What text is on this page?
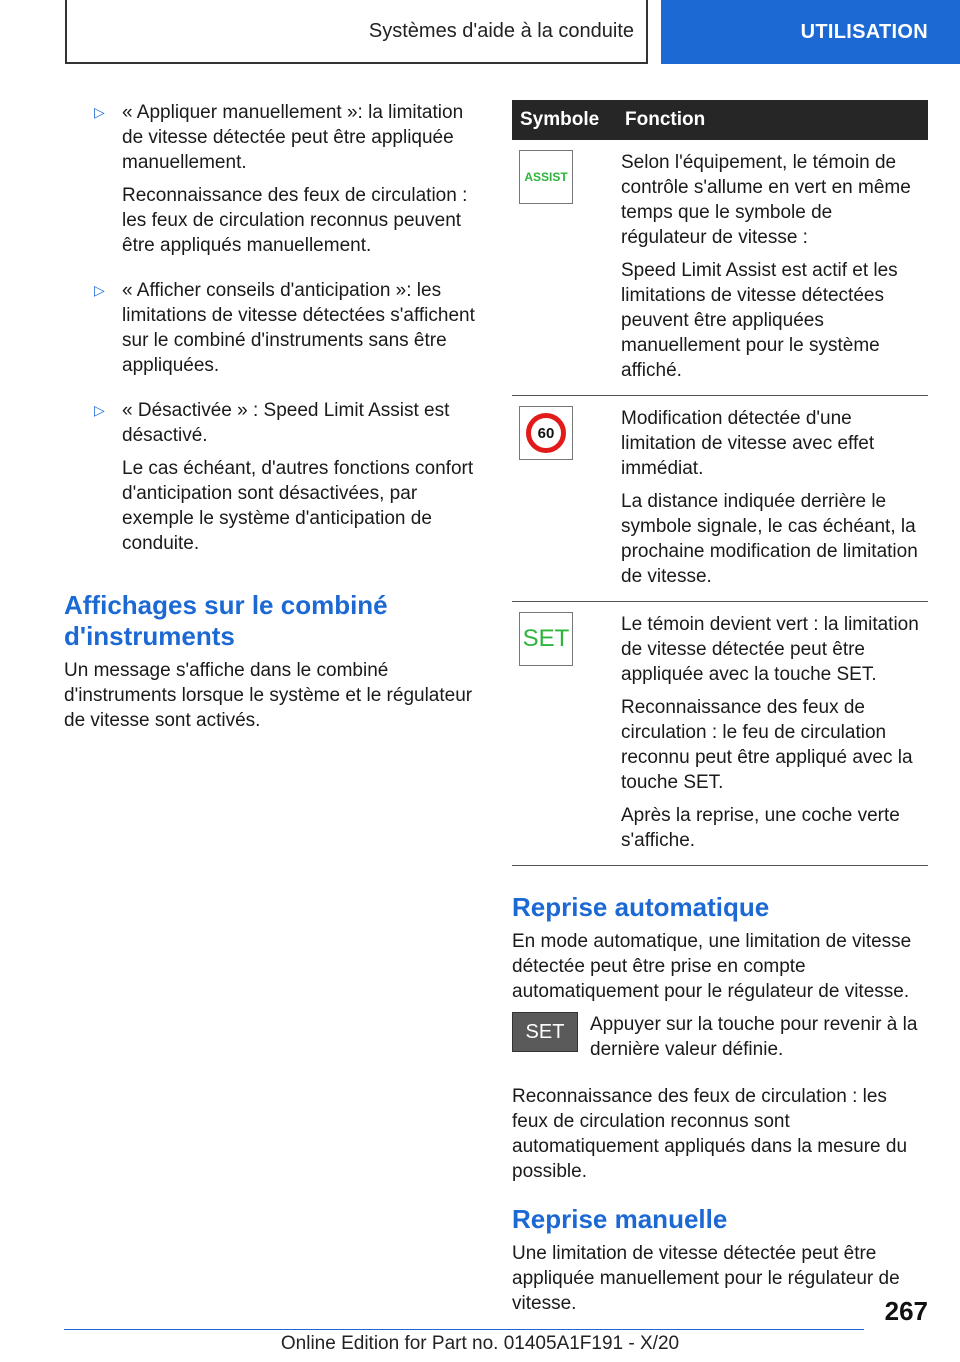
Systèmes d'aide à la conduite	UTILISATION
▷ « Appliquer manuellement »: la limitation de vitesse détectée peut être appliquée manuellement.

Reconnaissance des feux de circulation : les feux de circulation reconnus peuvent être appliqués manuellement.

▷ « Afficher conseils d'anticipation »: les limitations de vitesse détectées s'affichent sur le combiné d'instruments sans être appliquées.

▷ « Désactivée » : Speed Limit Assist est désactivé.

Le cas échéant, d'autres fonctions confort d'anticipation sont désactivées, par exemple le système d'anticipation de conduite.

Affichages sur le combiné d'instruments

Un message s'affiche dans le combiné d'instruments lorsque le système et le régulateur de vitesse sont activés.

Symbole	Fonction

ASSIST	Selon l'équipement, le témoin de contrôle s'allume en vert en même temps que le symbole de régulateur de vitesse :

Speed Limit Assist est actif et les limitations de vitesse détectées peuvent être appliquées manuellement pour le système affiché.

60	Modification détectée d'une limitation de vitesse avec effet immédiat.

La distance indiquée derrière le symbole signale, le cas échéant, la prochaine modification de limitation de vitesse.

SET	Le témoin devient vert : la limitation de vitesse détectée peut être appliquée avec la touche SET.

Reconnaissance des feux de circulation : le feu de circulation reconnu peut être appliqué avec la touche SET.

Après la reprise, une coche verte s'affiche.

Reprise automatique

En mode automatique, une limitation de vitesse détectée peut être prise en compte automatiquement pour le régulateur de vitesse.

SET	Appuyer sur la touche pour revenir à la dernière valeur définie.

Reconnaissance des feux de circulation : les feux de circulation reconnus sont automatiquement appliqués dans la mesure du possible.

Reprise manuelle

Une limitation de vitesse détectée peut être appliquée manuellement pour le régulateur de vitesse.	267
Online Edition for Part no. 01405A1F191 - X/20
